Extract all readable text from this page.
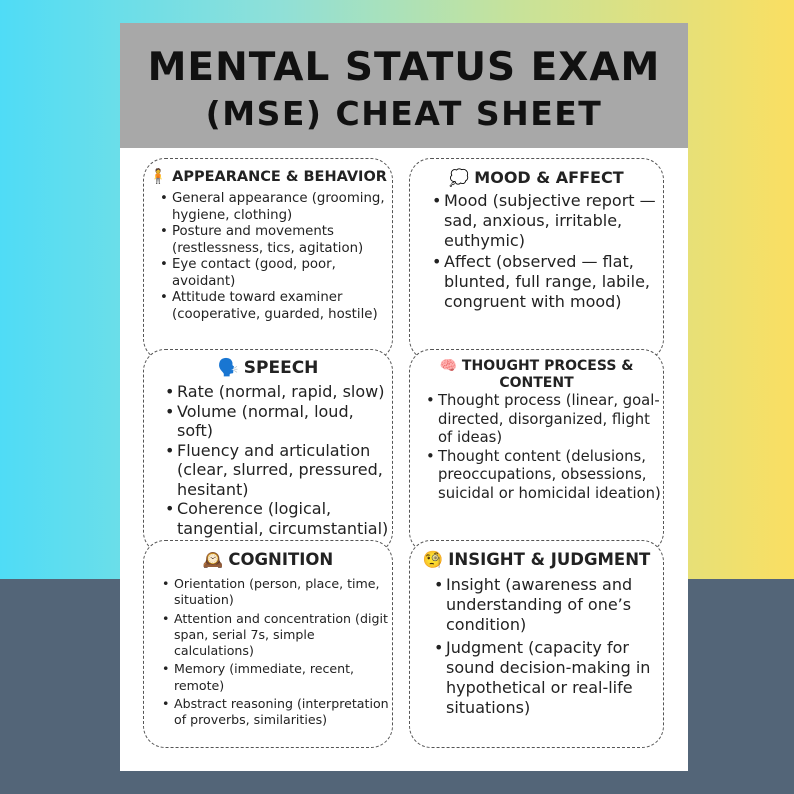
MENTAL STATUS EXAM
(MSE) CHEAT SHEET
🧍 APPEARANCE & BEHAVIOR
• General appearance (grooming, hygiene, clothing)
• Posture and movements (restlessness, tics, agitation)
• Eye contact (good, poor, avoidant)
• Attitude toward examiner (cooperative, guarded, hostile)
💭 MOOD & AFFECT
• Mood (subjective report — sad, anxious, irritable, euthymic)
• Affect (observed — flat, blunted, full range, labile, congruent with mood)
🗣️ SPEECH
• Rate (normal, rapid, slow)
• Volume (normal, loud, soft)
• Fluency and articulation (clear, slurred, pressured, hesitant)
• Coherence (logical, tangential, circumstantial)
🧠 THOUGHT PROCESS & CONTENT
• Thought process (linear, goal-directed, disorganized, flight of ideas)
• Thought content (delusions, preoccupations, obsessions, suicidal or homicidal ideation)
🕰️ COGNITION
• Orientation (person, place, time, situation)
• Attention and concentration (digit span, serial 7s, simple calculations)
• Memory (immediate, recent, remote)
• Abstract reasoning (interpretation of proverbs, similarities)
🧐 INSIGHT & JUDGMENT
• Insight (awareness and understanding of one’s condition)
• Judgment (capacity for sound decision-making in hypothetical or real-life situations)
